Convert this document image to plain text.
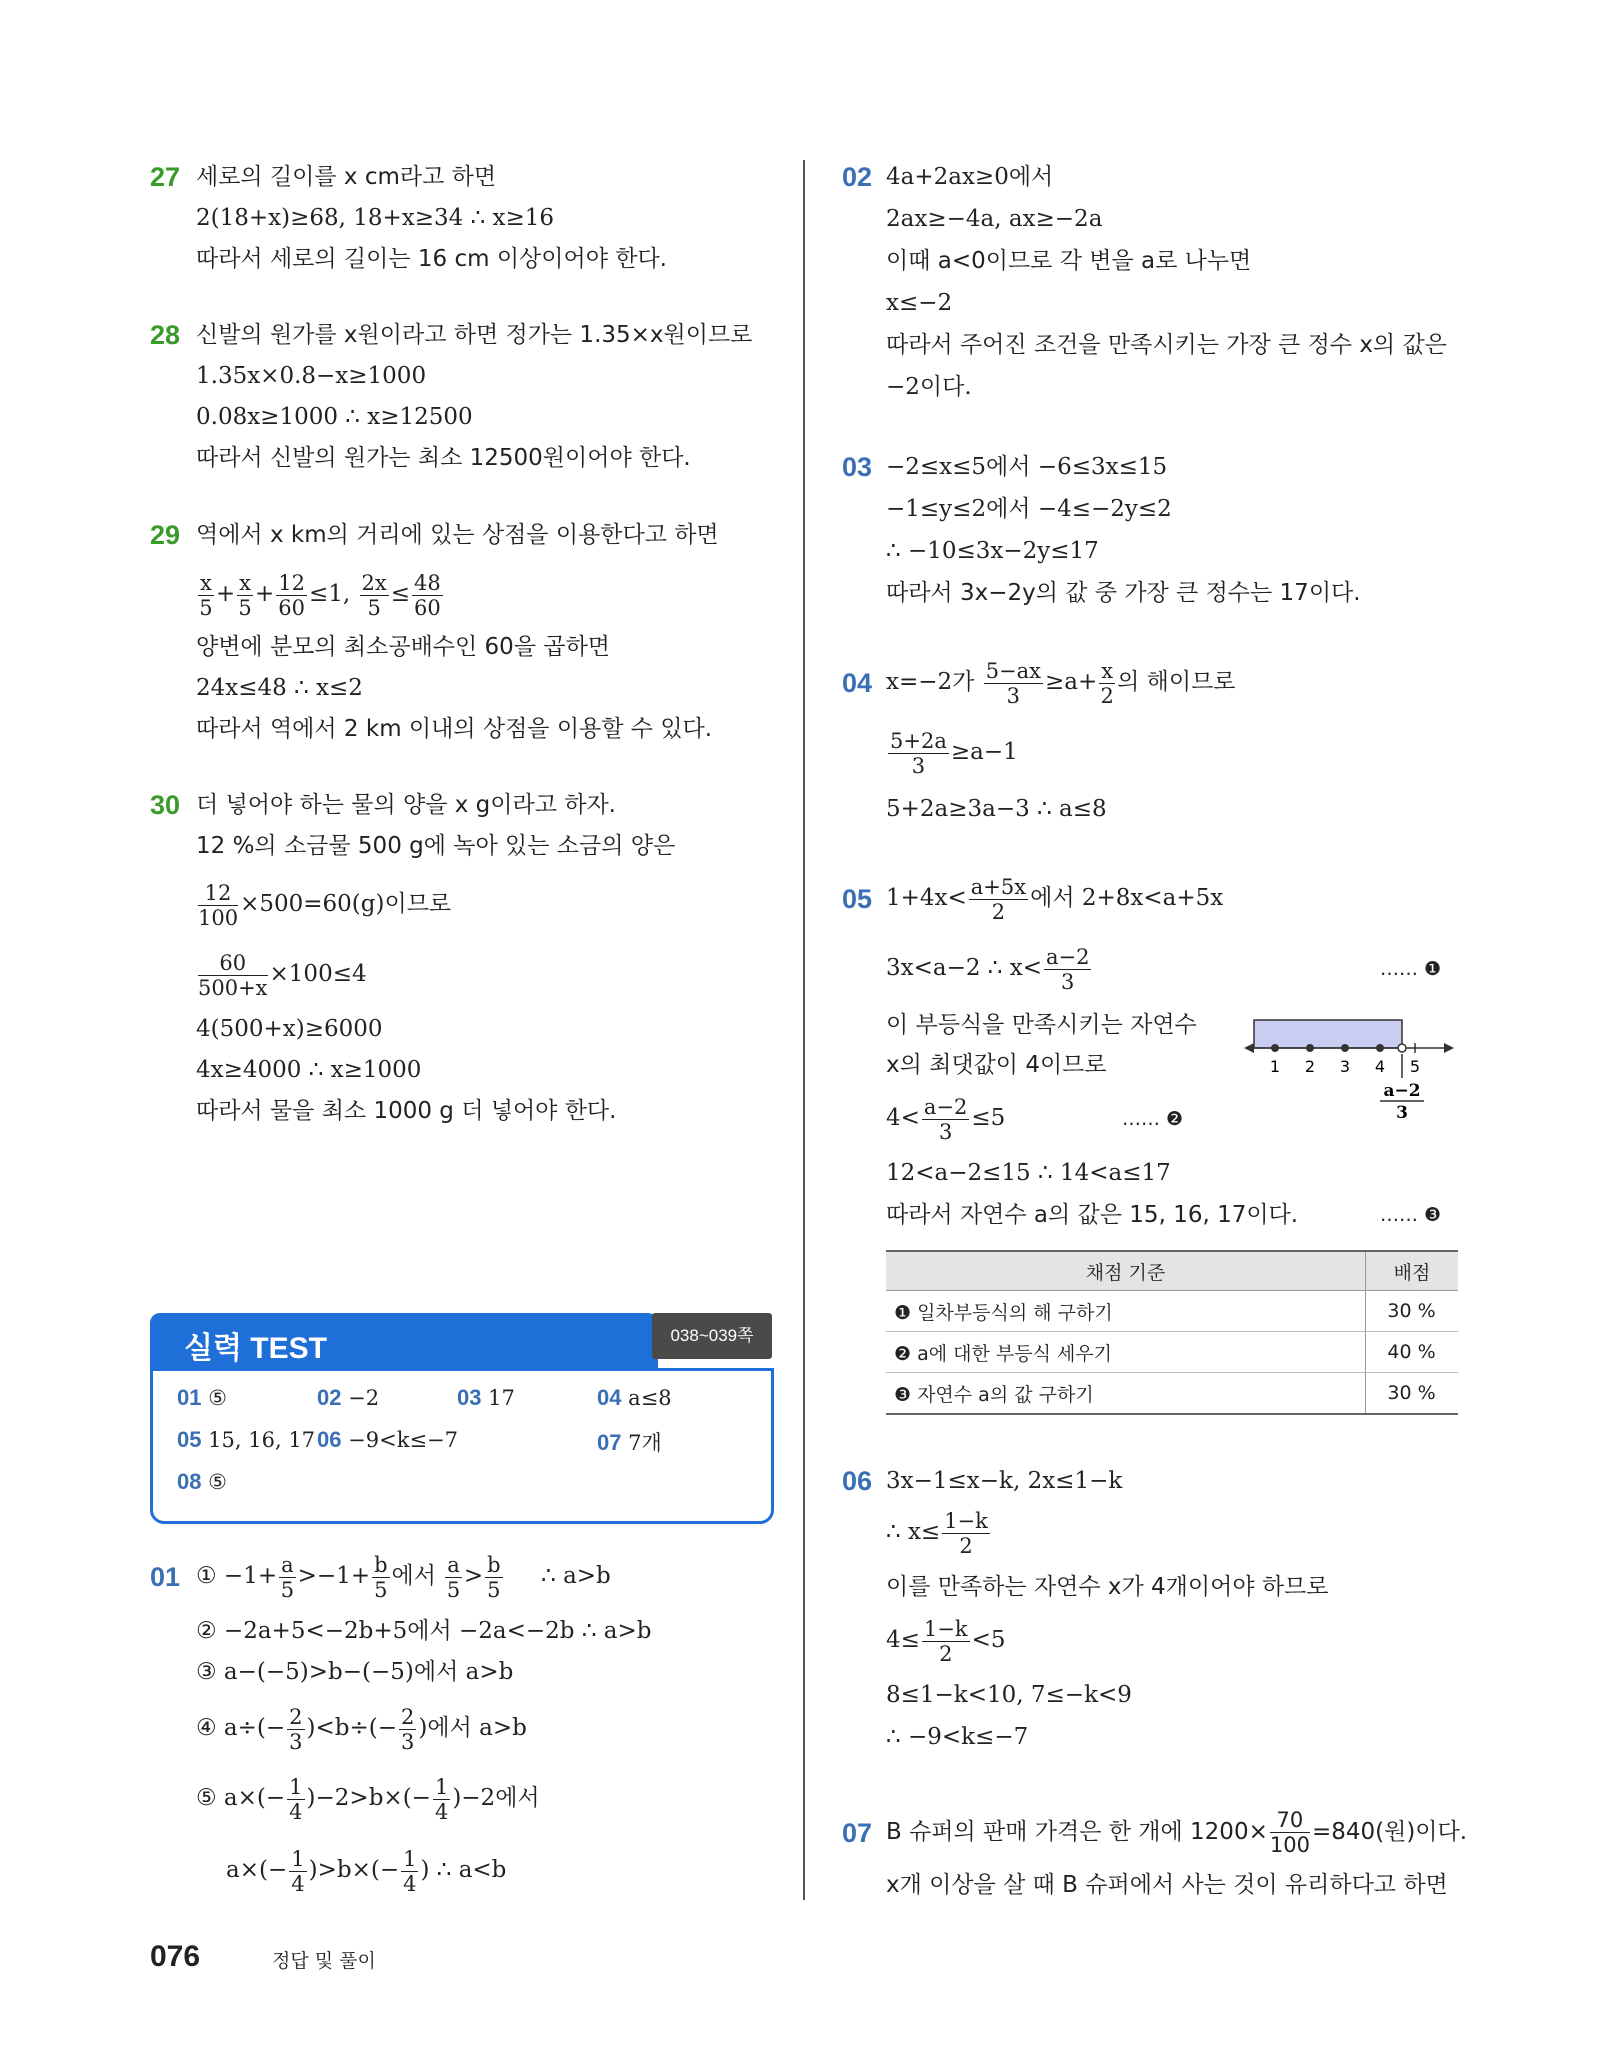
27 세로의 길이를 x cm라고 하면
2(18+x)≥68, 18+x≥34 ∴ x≥16
따라서 세로의 길이는 16 cm 이상이어야 한다.
28 신발의 원가를 x원이라고 하면 정가는 1.35×x원이므로
1.35x×0.8−x≥1000
0.08x≥1000 ∴ x≥12500
따라서 신발의 원가는 최소 12500원이어야 한다.
29 역에서 x km의 거리에 있는 상점을 이용한다고 하면
$\frac{x}{5} + \frac{x}{5} + \frac{12}{60} \le 1$, $\frac{2x}{5} \le \frac{48}{60}$
양변에 분모의 최소공배수인 60을 곱하면
24x≤48 ∴ x≤2
따라서 역에서 2 km 이내의 상점을 이용할 수 있다.
30 더 넣어야 하는 물의 양을 x g이라고 하자.
12 %의 소금물 500 g에 녹아 있는 소금의 양은
$\frac{12}{100} \times 500=60(g)$이므로
$\frac{60}{500+x} \times 100\le 4$
4(500+x)≥6000
4x≥4000 ∴ x≥1000
따라서 물을 최소 1000 g 더 넣어야 한다.
실력 TEST	038~039쪽
01 ⑤	02 −2	03 17	04 a≤8
05 15, 16, 17 06 −9<k≤−7	07 7개
08 ⑤
01 ① $-1+ \frac{a}{5} >-1+ \frac{b}{5}$ 에서 $\frac{a}{5} > \frac{b}{5}$ ∴ a>b
② −2a+5<−2b+5에서 −2a<−2b ∴ a>b
③ a−(−5)>b−(−5)에서 a>b
④ $a\div(- \frac{2}{3} )<b\div(- \frac{2}{3}$ )에서 a>b
⑤ $a\times(- \frac{1}{4} )-2>b\times(- \frac{1}{4} )-2$에서
$a\times(- \frac{1}{4} )>b\times(- \frac{1}{4}$ ) ∴ a<b
02 4a+2ax≥0에서
2ax≥−4a, ax≥−2a
이때 a<0이므로 각 변을 a로 나누면
x≤−2
따라서 주어진 조건을 만족시키는 가장 큰 정수 x의 값은
−2이다.
03 −2≤x≤5에서 −6≤3x≤15
−1≤y≤2에서 −4≤−2y≤2
∴ −10≤3x−2y≤17
따라서 3x−2y의 값 중 가장 큰 정수는 17이다.
04 x=−2가 $\frac{5-ax}{3} \ge a+ \frac{x}{2}$ 의 해이므로
$\frac{5+2a}{3} \ge a-1$
5+2a≥3a−3 ∴ a≤8
05 $1+4x< \frac{a+5x}{2}$ 에서 2+8x<a+5x
3x<a−2 ∴ $x< \frac{a-2}{3}$	…… ❶
이 부등식을 만족시키는 자연수
x의 최댓값이 4이므로
$4< \frac{a-2}{3} \le 5$	…… ❷
12<a−2≤15 ∴ 14<a≤17
따라서 자연수 a의 값은 15, 16, 17이다.	…… ❸
1 2 3 4 5
a−2
3
채점 기준	배점
❶ 일차부등식의 해 구하기	30 %
❷ a에 대한 부등식 세우기	40 %
❸ 자연수 a의 값 구하기	30 %
06 3x−1≤x−k, 2x≤1−k
∴ $x\le \frac{1-k}{2}$
이를 만족하는 자연수 x가 4개이어야 하므로
$4\le \frac{1-k}{2} <5$
8≤1−k<10, 7≤−k<9
∴ −9<k≤−7
07 B 슈퍼의 판매 가격은 한 개에 $1200\times \frac{70}{100} =840$(원)이다.
x개 이상을 살 때 B 슈퍼에서 사는 것이 유리하다고 하면
076	정답 및 풀이
